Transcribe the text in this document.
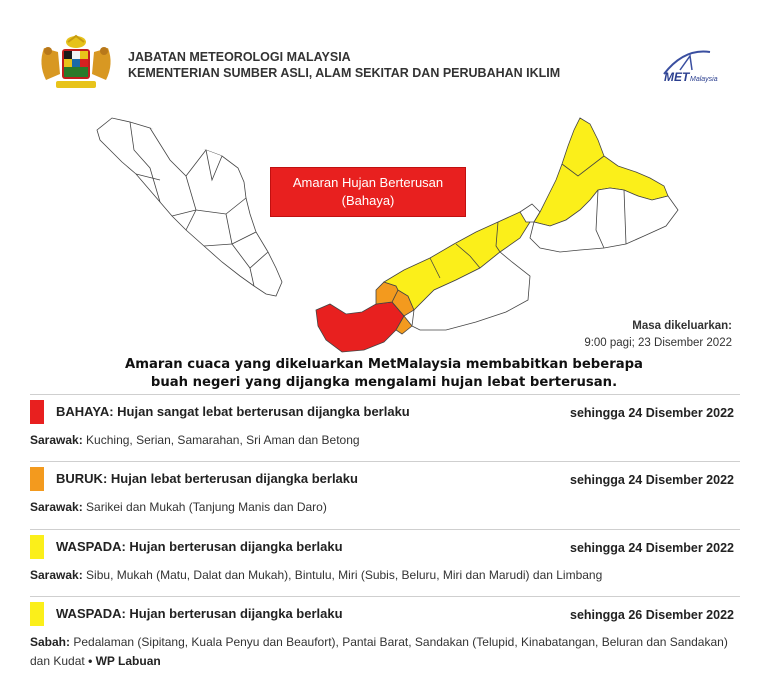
JABATAN METEOROLOGI MALAYSIA
KEMENTERIAN SUMBER ASLI, ALAM SEKITAR DAN PERUBAHAN IKLIM	MET Malaysia
Amaran Hujan Berterusan
(Bahaya)
Masa dikeluarkan:
9:00 pagi; 23 Disember 2022
Amaran cuaca yang dikeluarkan MetMalaysia membabitkan beberapa
buah negeri yang dijangka mengalami hujan lebat berterusan.
BAHAYA: Hujan sangat lebat berterusan dijangka berlaku	sehingga 24 Disember 2022
Sarawak: Kuching, Serian, Samarahan, Sri Aman dan Betong
BURUK: Hujan lebat berterusan dijangka berlaku	sehingga 24 Disember 2022
Sarawak: Sarikei dan Mukah (Tanjung Manis dan Daro)
WASPADA: Hujan berterusan dijangka berlaku	sehingga 24 Disember 2022
Sarawak: Sibu, Mukah (Matu, Dalat dan Mukah), Bintulu, Miri (Subis, Beluru, Miri dan Marudi) dan Limbang
WASPADA: Hujan berterusan dijangka berlaku	sehingga 26 Disember 2022
Sabah: Pedalaman (Sipitang, Kuala Penyu dan Beaufort), Pantai Barat, Sandakan (Telupid, Kinabatangan, Beluran dan Sandakan) dan Kudat • WP Labuan
